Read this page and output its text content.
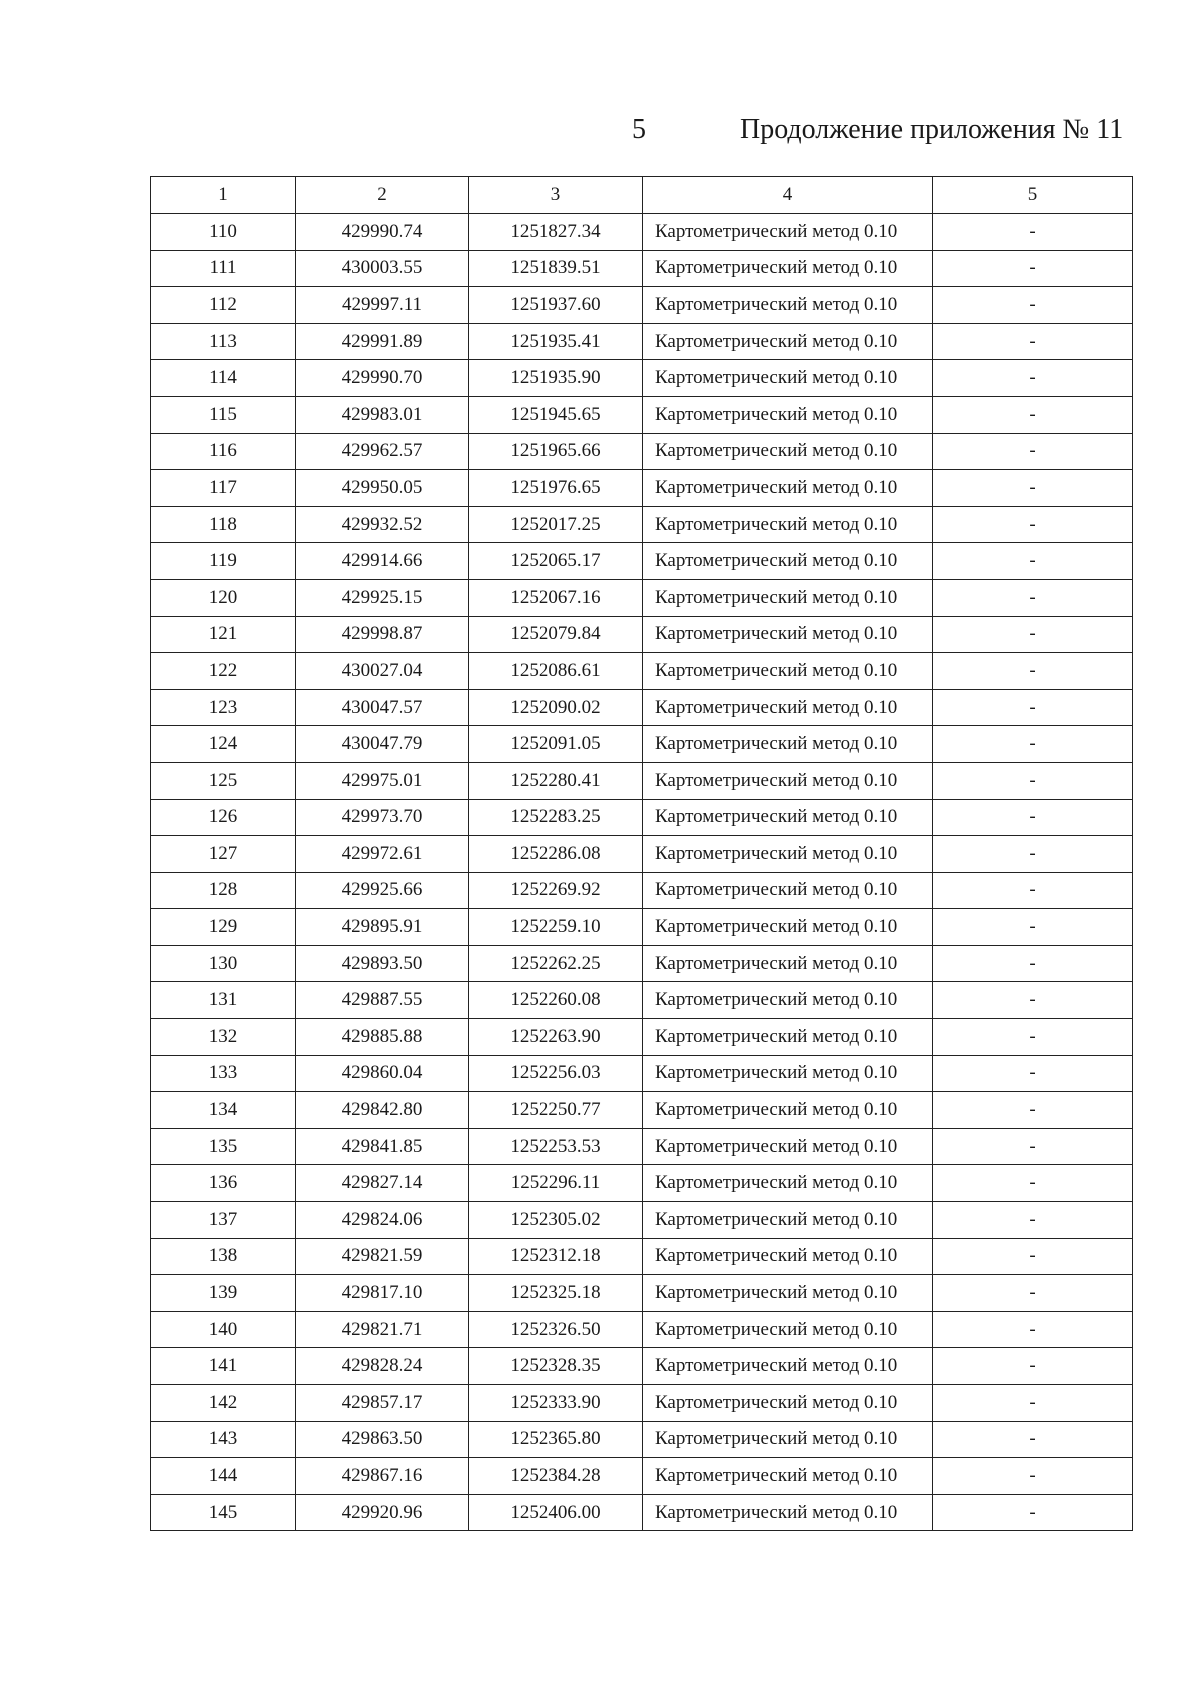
5	Продолжение приложения № 11
1	2	3	4	5
110	429990.74	1251827.34	Картометрический метод 0.10	-
111	430003.55	1251839.51	Картометрический метод 0.10	-
112	429997.11	1251937.60	Картометрический метод 0.10	-
113	429991.89	1251935.41	Картометрический метод 0.10	-
114	429990.70	1251935.90	Картометрический метод 0.10	-
115	429983.01	1251945.65	Картометрический метод 0.10	-
116	429962.57	1251965.66	Картометрический метод 0.10	-
117	429950.05	1251976.65	Картометрический метод 0.10	-
118	429932.52	1252017.25	Картометрический метод 0.10	-
119	429914.66	1252065.17	Картометрический метод 0.10	-
120	429925.15	1252067.16	Картометрический метод 0.10	-
121	429998.87	1252079.84	Картометрический метод 0.10	-
122	430027.04	1252086.61	Картометрический метод 0.10	-
123	430047.57	1252090.02	Картометрический метод 0.10	-
124	430047.79	1252091.05	Картометрический метод 0.10	-
125	429975.01	1252280.41	Картометрический метод 0.10	-
126	429973.70	1252283.25	Картометрический метод 0.10	-
127	429972.61	1252286.08	Картометрический метод 0.10	-
128	429925.66	1252269.92	Картометрический метод 0.10	-
129	429895.91	1252259.10	Картометрический метод 0.10	-
130	429893.50	1252262.25	Картометрический метод 0.10	-
131	429887.55	1252260.08	Картометрический метод 0.10	-
132	429885.88	1252263.90	Картометрический метод 0.10	-
133	429860.04	1252256.03	Картометрический метод 0.10	-
134	429842.80	1252250.77	Картометрический метод 0.10	-
135	429841.85	1252253.53	Картометрический метод 0.10	-
136	429827.14	1252296.11	Картометрический метод 0.10	-
137	429824.06	1252305.02	Картометрический метод 0.10	-
138	429821.59	1252312.18	Картометрический метод 0.10	-
139	429817.10	1252325.18	Картометрический метод 0.10	-
140	429821.71	1252326.50	Картометрический метод 0.10	-
141	429828.24	1252328.35	Картометрический метод 0.10	-
142	429857.17	1252333.90	Картометрический метод 0.10	-
143	429863.50	1252365.80	Картометрический метод 0.10	-
144	429867.16	1252384.28	Картометрический метод 0.10	-
145	429920.96	1252406.00	Картометрический метод 0.10	-
